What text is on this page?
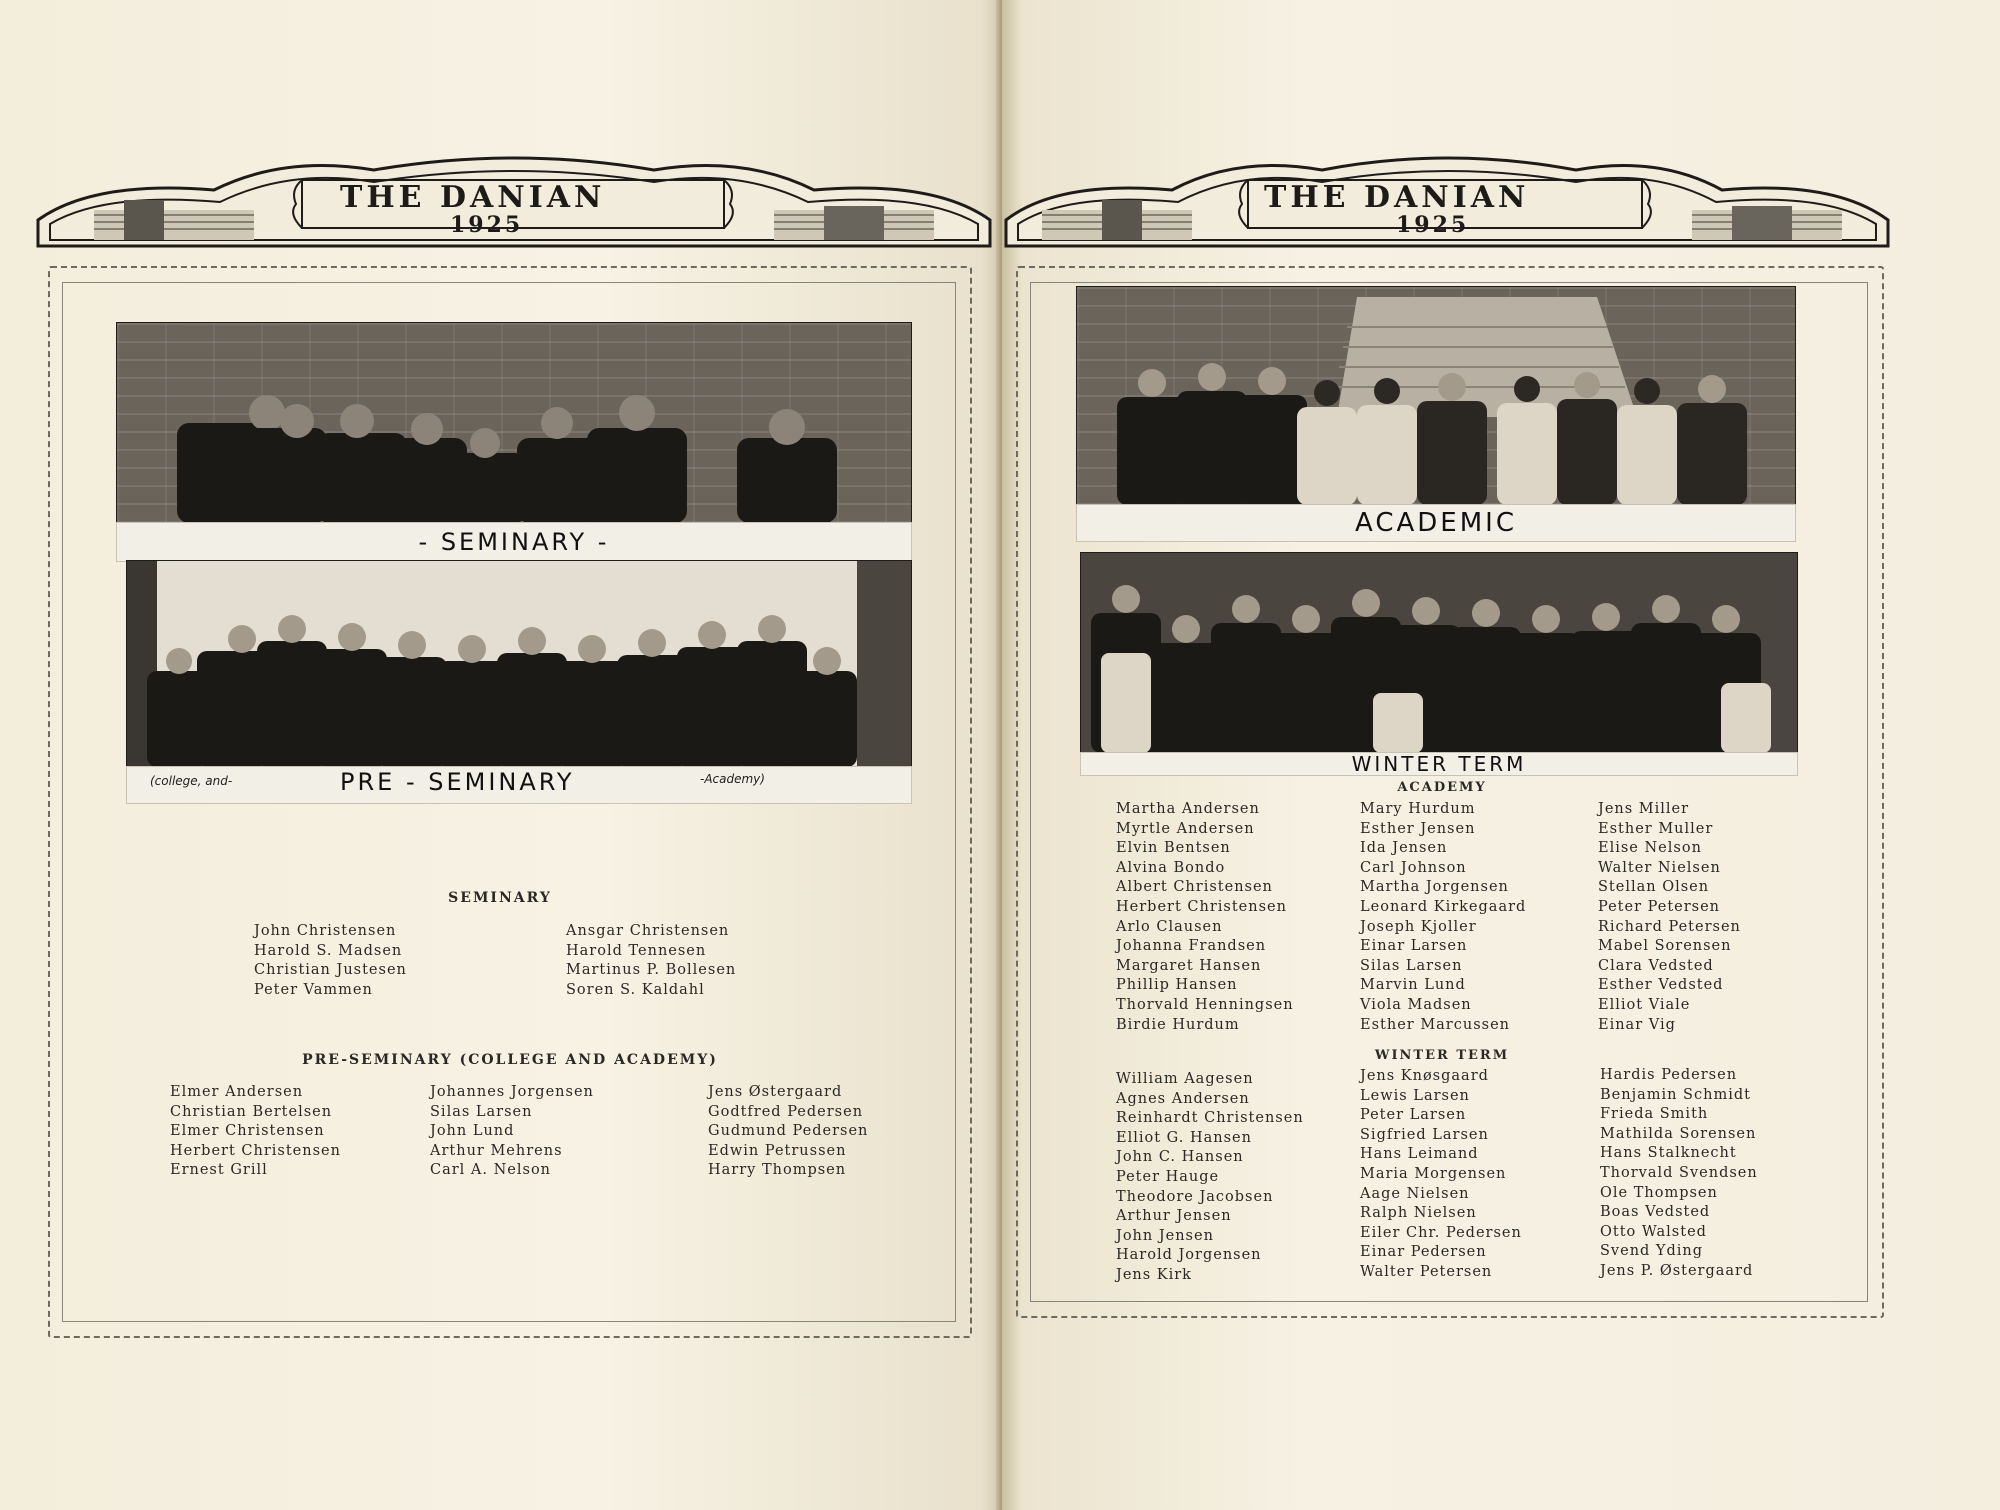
THE DANIAN
1925
- SEMINARY -
(college, and-	PRE - SEMINARY	-Academy)
SEMINARY
John Christensen
Harold S. Madsen
Christian Justesen
Peter Vammen
Ansgar Christensen
Harold Tennesen
Martinus P. Bollesen
Soren S. Kaldahl
PRE-SEMINARY (COLLEGE AND ACADEMY)
Elmer Andersen
Christian Bertelsen
Elmer Christensen
Herbert Christensen
Ernest Grill
Johannes Jorgensen
Silas Larsen
John Lund
Arthur Mehrens
Carl A. Nelson
Jens Østergaard
Godtfred Pedersen
Gudmund Pedersen
Edwin Petrussen
Harry Thompsen
THE DANIAN
1925
ACADEMIC
WINTER TERM
ACADEMY
Martha Andersen
Myrtle Andersen
Elvin Bentsen
Alvina Bondo
Albert Christensen
Herbert Christensen
Arlo Clausen
Johanna Frandsen
Margaret Hansen
Phillip Hansen
Thorvald Henningsen
Birdie Hurdum
Mary Hurdum
Esther Jensen
Ida Jensen
Carl Johnson
Martha Jorgensen
Leonard Kirkegaard
Joseph Kjoller
Einar Larsen
Silas Larsen
Marvin Lund
Viola Madsen
Esther Marcussen
Jens Miller
Esther Muller
Elise Nelson
Walter Nielsen
Stellan Olsen
Peter Petersen
Richard Petersen
Mabel Sorensen
Clara Vedsted
Esther Vedsted
Elliot Viale
Einar Vig
WINTER TERM
William Aagesen
Agnes Andersen
Reinhardt Christensen
Elliot G. Hansen
John C. Hansen
Peter Hauge
Theodore Jacobsen
Arthur Jensen
John Jensen
Harold Jorgensen
Jens Kirk
Jens Knøsgaard
Lewis Larsen
Peter Larsen
Sigfried Larsen
Hans Leimand
Maria Morgensen
Aage Nielsen
Ralph Nielsen
Eiler Chr. Pedersen
Einar Pedersen
Walter Petersen
Hardis Pedersen
Benjamin Schmidt
Frieda Smith
Mathilda Sorensen
Hans Stalknecht
Thorvald Svendsen
Ole Thompsen
Boas Vedsted
Otto Walsted
Svend Yding
Jens P. Østergaard
